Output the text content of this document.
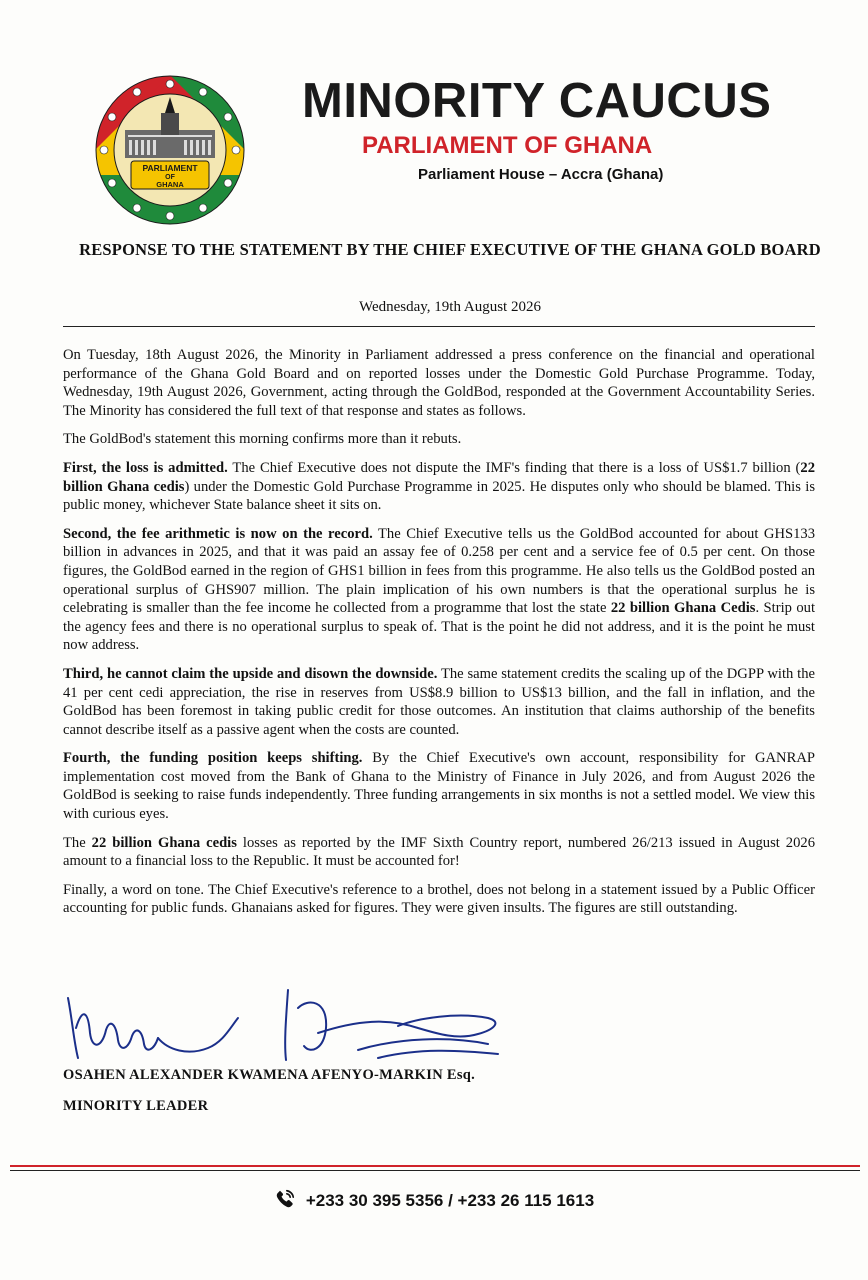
PARLIAMENT
OF
GHANA
MINORITY CAUCUS
PARLIAMENT OF GHANA
Parliament House – Accra (Ghana)
RESPONSE TO THE STATEMENT BY THE CHIEF EXECUTIVE OF THE GHANA GOLD BOARD
Wednesday, 19th August 2026

On Tuesday, 18th August 2026, the Minority in Parliament addressed a press conference on the financial and operational performance of the Ghana Gold Board and on reported losses under the Domestic Gold Purchase Programme. Today, Wednesday, 19th August 2026, Government, acting through the GoldBod, responded at the Government Accountability Series. The Minority has considered the full text of that response and states as follows.

The GoldBod's statement this morning confirms more than it rebuts.

First, the loss is admitted. The Chief Executive does not dispute the IMF's finding that there is a loss of US$1.7 billion (22 billion Ghana cedis) under the Domestic Gold Purchase Programme in 2025. He disputes only who should be blamed. This is public money, whichever State balance sheet it sits on.

Second, the fee arithmetic is now on the record. The Chief Executive tells us the GoldBod accounted for about GHS133 billion in advances in 2025, and that it was paid an assay fee of 0.258 per cent and a service fee of 0.5 per cent. On those figures, the GoldBod earned in the region of GHS1 billion in fees from this programme. He also tells us the GoldBod posted an operational surplus of GHS907 million. The plain implication of his own numbers is that the operational surplus he is celebrating is smaller than the fee income he collected from a programme that lost the state 22 billion Ghana Cedis. Strip out the agency fees and there is no operational surplus to speak of. That is the point he did not address, and it is the point he must now address.

Third, he cannot claim the upside and disown the downside. The same statement credits the scaling up of the DGPP with the 41 per cent cedi appreciation, the rise in reserves from US$8.9 billion to US$13 billion, and the fall in inflation, and the GoldBod has been foremost in taking public credit for those outcomes. An institution that claims authorship of the benefits cannot describe itself as a passive agent when the costs are counted.

Fourth, the funding position keeps shifting. By the Chief Executive's own account, responsibility for GANRAP implementation cost moved from the Bank of Ghana to the Ministry of Finance in July 2026, and from August 2026 the GoldBod is seeking to raise funds independently. Three funding arrangements in six months is not a settled model. We view this with curious eyes.

The 22 billion Ghana cedis losses as reported by the IMF Sixth Country report, numbered 26/213 issued in August 2026 amount to a financial loss to the Republic. It must be accounted for!

Finally, a word on tone. The Chief Executive's reference to a brothel, does not belong in a statement issued by a Public Officer accounting for public funds. Ghanaians asked for figures. They were given insults. The figures are still outstanding.

OSAHEN ALEXANDER KWAMENA AFENYO-MARKIN Esq.
MINORITY LEADER
+233 30 395 5356 / +233 26 115 1613
